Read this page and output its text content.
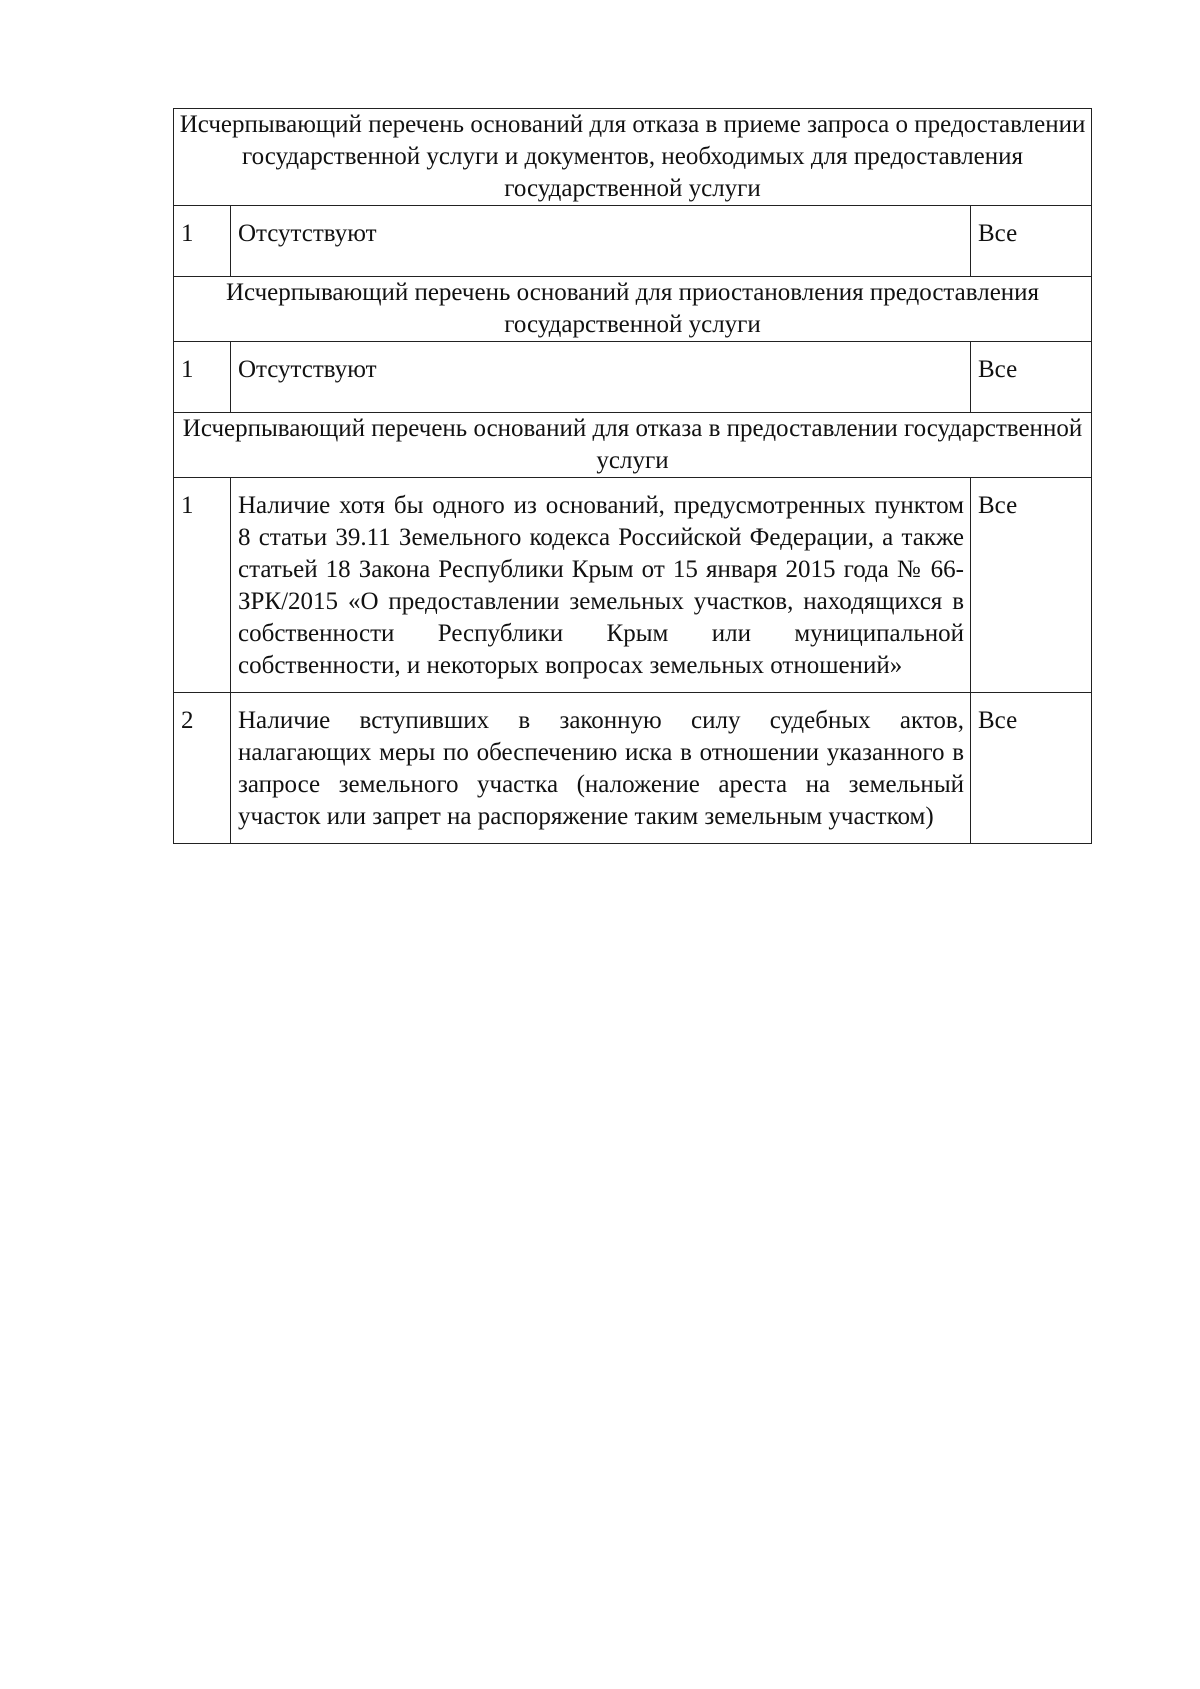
Исчерпывающий перечень оснований для отказа в приеме запроса о предоставлении государственной услуги и документов, необходимых для предоставления государственной услуги		
1	Отсутствуют	Все
Исчерпывающий перечень оснований для приостановления предоставления государственной услуги		
1	Отсутствуют	Все
Исчерпывающий перечень оснований для отказа в предоставлении государственной услуги		
1	Наличие хотя бы одного из оснований, предусмотренных пунктом 8 статьи 39.11 Земельного кодекса Российской Федерации, а также статьей 18 Закона Республики Крым от 15 января 2015 года № 66-ЗРК/2015 «О предоставлении земельных участков, находящихся в собственности Республики Крым или муниципальной собственности, и некоторых вопросах земельных отношений»	Все
2	Наличие вступивших в законную силу судебных актов, налагающих меры по обеспечению иска в отношении указанного в запросе земельного участка (наложение ареста на земельный участок или запрет на распоряжение таким земельным участком)	Все
